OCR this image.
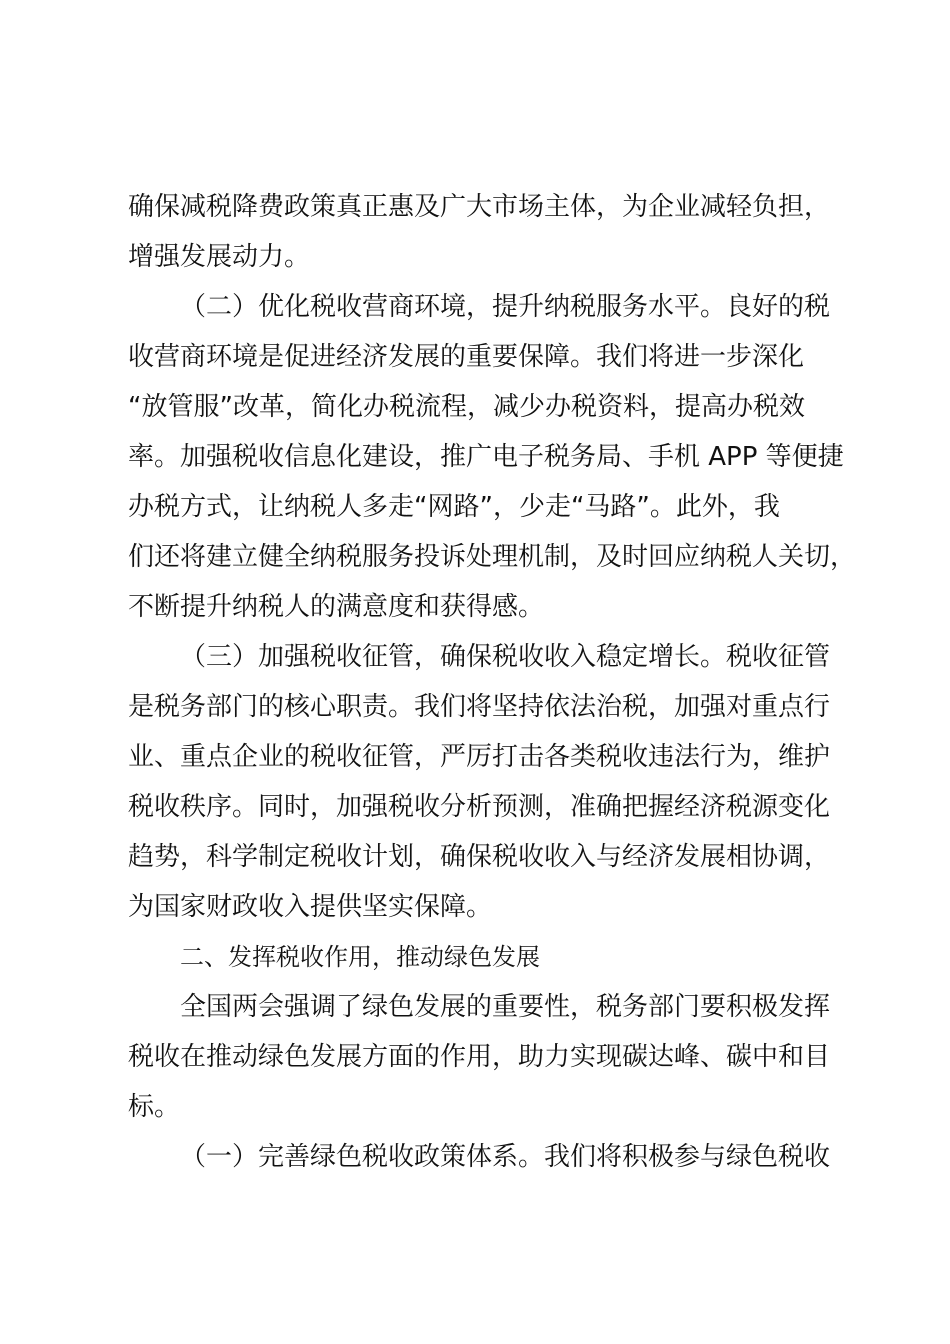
确保减税降费政策真正惠及广大市场主体，为企业减轻负担，
增强发展动力。
（二）优化税收营商环境，提升纳税服务水平。良好的税
收营商环境是促进经济发展的重要保障。我们将进一步深化
“放管服”改革，简化办税流程，减少办税资料，提高办税效
率。加强税收信息化建设，推广电子税务局、手机 APP 等便捷
办税方式，让纳税人多走“网路”，少走“马路”。此外，我
们还将建立健全纳税服务投诉处理机制，及时回应纳税人关切，
不断提升纳税人的满意度和获得感。
（三）加强税收征管，确保税收收入稳定增长。税收征管
是税务部门的核心职责。我们将坚持依法治税，加强对重点行
业、重点企业的税收征管，严厉打击各类税收违法行为，维护
税收秩序。同时，加强税收分析预测，准确把握经济税源变化
趋势，科学制定税收计划，确保税收收入与经济发展相协调，
为国家财政收入提供坚实保障。
二、发挥税收作用，推动绿色发展
全国两会强调了绿色发展的重要性，税务部门要积极发挥
税收在推动绿色发展方面的作用，助力实现碳达峰、碳中和目
标。
（一）完善绿色税收政策体系。我们将积极参与绿色税收
